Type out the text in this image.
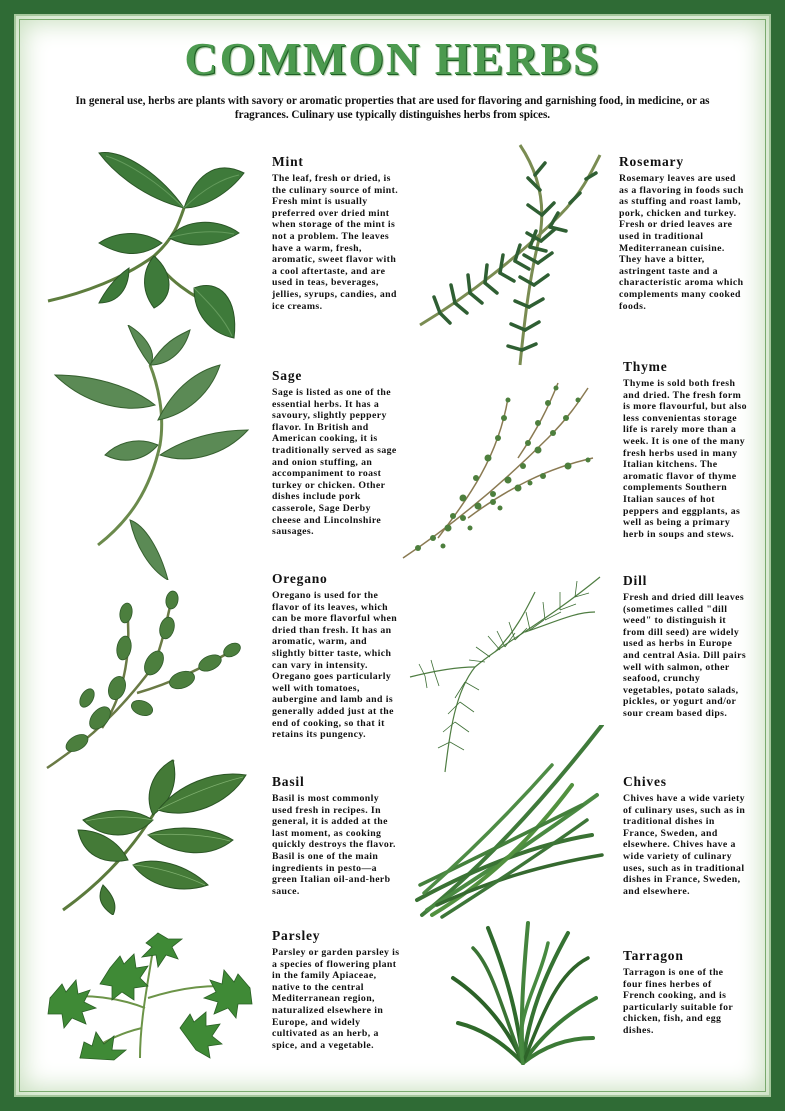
COMMON HERBS
In general use, herbs are plants with savory or aromatic properties that are used for flavoring and garnishing food, in medicine, or as fragrances. Culinary use typically distinguishes herbs from spices.
Mint

The leaf, fresh or dried, is the culinary source of mint. Fresh mint is usually preferred over dried mint when storage of the mint is not a problem. The leaves have a warm, fresh, aromatic, sweet flavor with a cool aftertaste, and are used in teas, beverages, jellies, syrups, candies, and ice creams.

Rosemary

Rosemary leaves are used as a flavoring in foods such as stuffing and roast lamb, pork, chicken and turkey. Fresh or dried leaves are used in traditional Mediterranean cuisine. They have a bitter, astringent taste and a characteristic aroma which complements many cooked foods.

Sage

Sage is listed as one of the essential herbs. It has a savoury, slightly peppery flavor. In British and American cooking, it is traditionally served as sage and onion stuffing, an accompaniment to roast turkey or chicken. Other dishes include pork casserole, Sage Derby cheese and Lincolnshire sausages.

Thyme

Thyme is sold both fresh and dried. The fresh form is more flavourful, but also less convenientas storage life is rarely more than a week. It is one of the many fresh herbs used in many Italian kitchens. The aromatic flavor of thyme complements Southern Italian sauces of hot peppers and eggplants, as well as being a primary herb in soups and stews.

Oregano

Oregano is used for the flavor of its leaves, which can be more flavorful when dried than fresh. It has an aromatic, warm, and slightly bitter taste, which can vary in intensity. Oregano goes particularly well with tomatoes, aubergine and lamb and is generally added just at the end of cooking, so that it retains its pungency.

Dill

Fresh and dried dill leaves (sometimes called "dill weed" to distinguish it from dill seed) are widely used as herbs in Europe and central Asia. Dill pairs well with salmon, other seafood, crunchy vegetables, potato salads, pickles, or yogurt and/or sour cream based dips.

Basil

Basil is most commonly used fresh in recipes. In general, it is added at the last moment, as cooking quickly destroys the flavor. Basil is one of the main ingredients in pesto—a green Italian oil-and-herb sauce.

Chives

Chives have a wide variety of culinary uses, such as in traditional dishes in France, Sweden, and elsewhere. Chives have a wide variety of culinary uses, such as in traditional dishes in France, Sweden, and elsewhere.

Parsley

Parsley or garden parsley is a species of flowering plant in the family Apiaceae, native to the central Mediterranean region, naturalized elsewhere in Europe, and widely cultivated as an herb, a spice, and a vegetable.

Tarragon

Tarragon is one of the four fines herbes of French cooking, and is particularly suitable for chicken, fish, and egg dishes.
